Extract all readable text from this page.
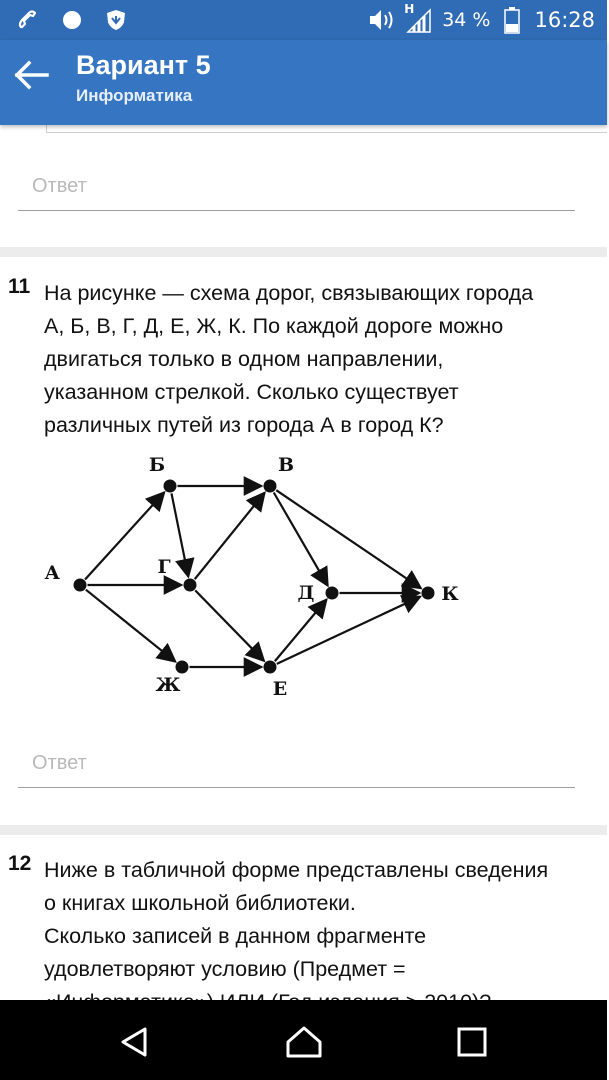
H 34 % 16:28
Вариант 5
Информатика
Ответ
11 На рисунке — схема дорог, связывающих города
А, Б, В, Г, Д, Е, Ж, К. По каждой дороге можно
двигаться только в одном направлении,
указанном стрелкой. Сколько существует
различных путей из города А в город К?
А
Б	В
Г
Д
Е
Ж
К
Ответ
12 Ниже в табличной форме представлены сведения
о книгах школьной библиотеки.
Сколько записей в данном фрагменте
удовлетворяют условию (Предмет =
